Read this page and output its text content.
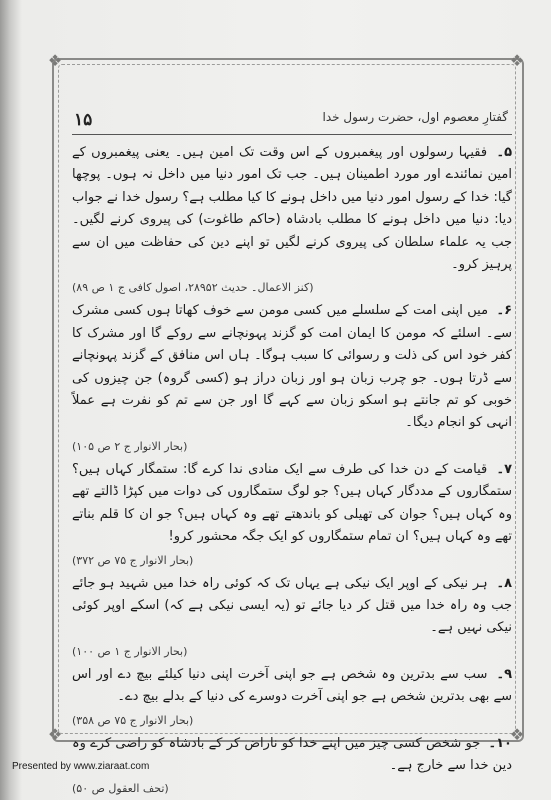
❖	❖
❖	❖
۱۵	گفتارِ معصوم اول، حضرت رسول خدا

۵۔ فقیہا رسولوں اور پیغمبروں کے اس وقت تک امین ہیں۔ یعنی پیغمبروں کے امین نمائندے اور مورد اطمینان ہیں۔ جب تک امور دنیا میں داخل نہ ہوں۔ پوچھا گیا: خدا کے رسول امور دنیا میں داخل ہونے کا کیا مطلب ہے؟ رسول خدا نے جواب دیا: دنیا میں داخل ہونے کا مطلب بادشاہ (حاکم طاغوت) کی پیروی کرنے لگیں۔ جب یہ علماء سلطان کی پیروی کرنے لگیں تو اپنے دین کی حفاظت میں ان سے پرہیز کرو۔

(کنز الاعمال۔ حدیث ۲۸۹۵۲، اصول کافی ج ۱ ص ۸۹)

۶۔ میں اپنی امت کے سلسلے میں کسی مومن سے خوف کھاتا ہوں کسی مشرک سے۔ اسلئے کہ مومن کا ایمان امت کو گزند پہونچانے سے روکے گا اور مشرک کا کفر خود اس کی ذلت و رسوائی کا سبب ہوگا۔ ہاں اس منافق کے گزند پہونچانے سے ڈرتا ہوں۔ جو چرب زبان ہو اور زبان دراز ہو (کسی گروہ) جن چیزوں کی خوبی کو تم جانتے ہو اسکو زبان سے کہے گا اور جن سے تم کو نفرت ہے عملاً انہی کو انجام دیگا۔

(بحار الانوار ج ۲ ص ۱۰۵)

۷۔ قیامت کے دن خدا کی طرف سے ایک منادی ندا کرے گا: ستمگار کہاں ہیں؟ ستمگاروں کے مددگار کہاں ہیں؟ جو لوگ ستمگاروں کی دوات میں کپڑا ڈالتے تھے وہ کہاں ہیں؟ جوان کی تھیلی کو باندھتے تھے وہ کہاں ہیں؟ جو ان کا قلم بناتے تھے وہ کہاں ہیں؟ ان تمام ستمگاروں کو ایک جگہ محشور کرو!

(بحار الانوار ج ۷۵ ص ۳۷۲)

۸۔ ہر نیکی کے اوپر ایک نیکی ہے یہاں تک کہ کوئی راہ خدا میں شہید ہو جائے جب وہ راہ خدا میں قتل کر دیا جائے تو (یہ ایسی نیکی ہے کہ) اسکے اوپر کوئی نیکی نہیں ہے۔

(بحار الانوار ج ۱ ص ۱۰۰)

۹۔ سب سے بدترین وہ شخص ہے جو اپنی آخرت اپنی دنیا کیلئے بیچ دے اور اس سے بھی بدترین شخص ہے جو اپنی آخرت دوسرے کی دنیا کے بدلے بیچ دے۔

(بحار الانوار ج ۷۵ ص ۳۵۸)

۱۰۔ جو شخص کسی چیز میں اپنے خدا کو ناراض کر کے بادشاہ کو راضی کرے وہ دین خدا سے خارج ہے۔

(تحف العقول ص ۵۰)
Presented by www.ziaraat.com
